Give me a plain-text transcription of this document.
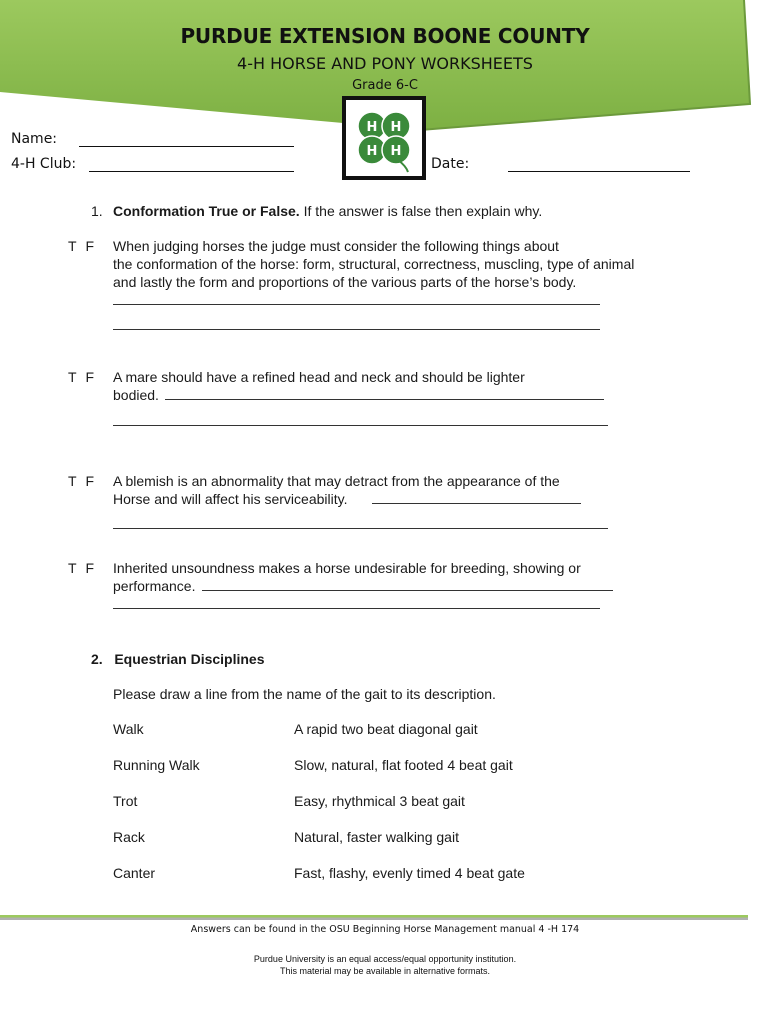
PURDUE EXTENSION BOONE COUNTY
4-H HORSE AND PONY WORKSHEETS
Grade 6-C
H H
H H
Name:
4-H Club:	Date:
1. Conformation True or False. If the answer is false then explain why.
TF When judging horses the judge must consider the following things about
the conformation of the horse: form, structural, correctness, muscling, type of animal
and lastly the form and proportions of the various parts of the horse’s body.
TF A mare should have a refined head and neck and should be lighter
bodied.
TF A blemish is an abnormality that may detract from the appearance of the
Horse and will affect his serviceability.
TF Inherited unsoundness makes a horse undesirable for breeding, showing or
performance.
2.   Equestrian Disciplines
Please draw a line from the name of the gait to its description.
Walk
Running Walk
Trot
Rack
Canter
A rapid two beat diagonal gait
Slow, natural, flat footed 4 beat gait
Easy, rhythmical 3 beat gait
Natural, faster walking gait
Fast, flashy, evenly timed 4 beat gate
Answers can be found in the OSU Beginning Horse Management manual 4 -H 174
Purdue University is an equal access/equal opportunity institution.
This material may be available in alternative formats.
